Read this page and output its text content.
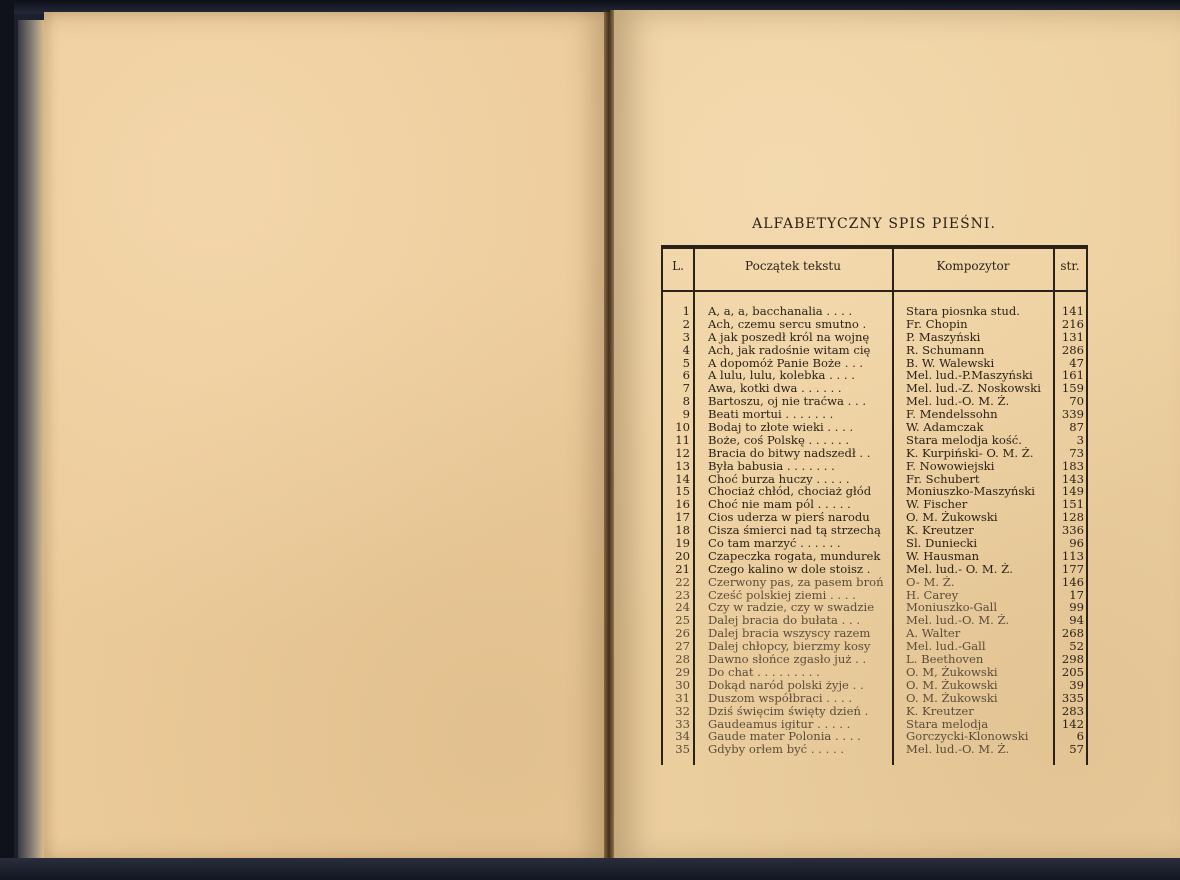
ALFABETYCZNY SPIS PIEŚNI.
L.	Początek tekstu	Kompozytor	str.
1 A, a, a, bacchanalia . . . .	Stara piosnka stud.	141
2 Ach, czemu sercu smutno .	Fr. Chopin	216
3 A jak poszedł król na wojnę	P. Maszyński	131
4 Ach, jak radośnie witam cię	R. Schumann	286
5 A dopomóż Panie Boże . . .	B. W. Walewski	47
6 A lulu, lulu, kolebka . . . .	Mel. lud.-P.Maszyński	161
7 Awa, kotki dwa . . . . . .	Mel. lud.-Z. Noskowski	159
8 Bartoszu, oj nie traćwa . . .	Mel. lud.-O. M. Ż.	70
9 Beati mortui . . . . . . .	F. Mendelssohn	339
10 Bodaj to złote wieki . . . .	W. Adamczak	87
11 Boże, coś Polskę . . . . . .	Stara melodja kość.	3
12 Bracia do bitwy nadszedł . .	K. Kurpiński- O. M. Ż.	73
13 Była babusia . . . . . . .	F. Nowowiejski	183
14 Choć burza huczy . . . . .	Fr. Schubert	143
15 Chociaż chłód, chociaż głód	Moniuszko-Maszyński	149
16 Choć nie mam pól . . . . .	W. Fischer	151
17 Cios uderza w pierś narodu	O. M. Żukowski	128
18 Cisza śmierci nad tą strzechą	K. Kreutzer	336
19 Co tam marzyć . . . . . .	Sl. Duniecki	96
20 Czapeczka rogata, mundurek	W. Hausman	113
21 Czego kalino w dole stoisz .	Mel. lud.- O. M. Ż.	177
22 Czerwony pas, za pasem broń	O- M. Ż.	146
23 Cześć polskiej ziemi . . . .	H. Carey	17
24 Czy w radzie, czy w swadzie	Moniuszko-Gall	99
25 Dalej bracia do bułata . . .	Mel. lud.-O. M. Ż.	94
26 Dalej bracia wszyscy razem	A. Walter	268
27 Dalej chłopcy, bierzmy kosy	Mel. lud.-Gall	52
28 Dawno słońce zgasło już . .	L. Beethoven	298
29 Do chat . . . . . . . . .	O. M, Żukowski	205
30 Dokąd naród polski żyje . .	O. M. Żukowski	39
31 Duszom współbraci . . . .	O. M. Żukowski	335
32 Dziś święcim święty dzień .	K. Kreutzer	283
33 Gaudeamus igitur . . . . .	Stara melodja	142
34 Gaude mater Polonia . . . .	Gorczycki-Klonowski	6
35 Gdyby orłem być . . . . .	Mel. lud.-O. M. Ż.	57
